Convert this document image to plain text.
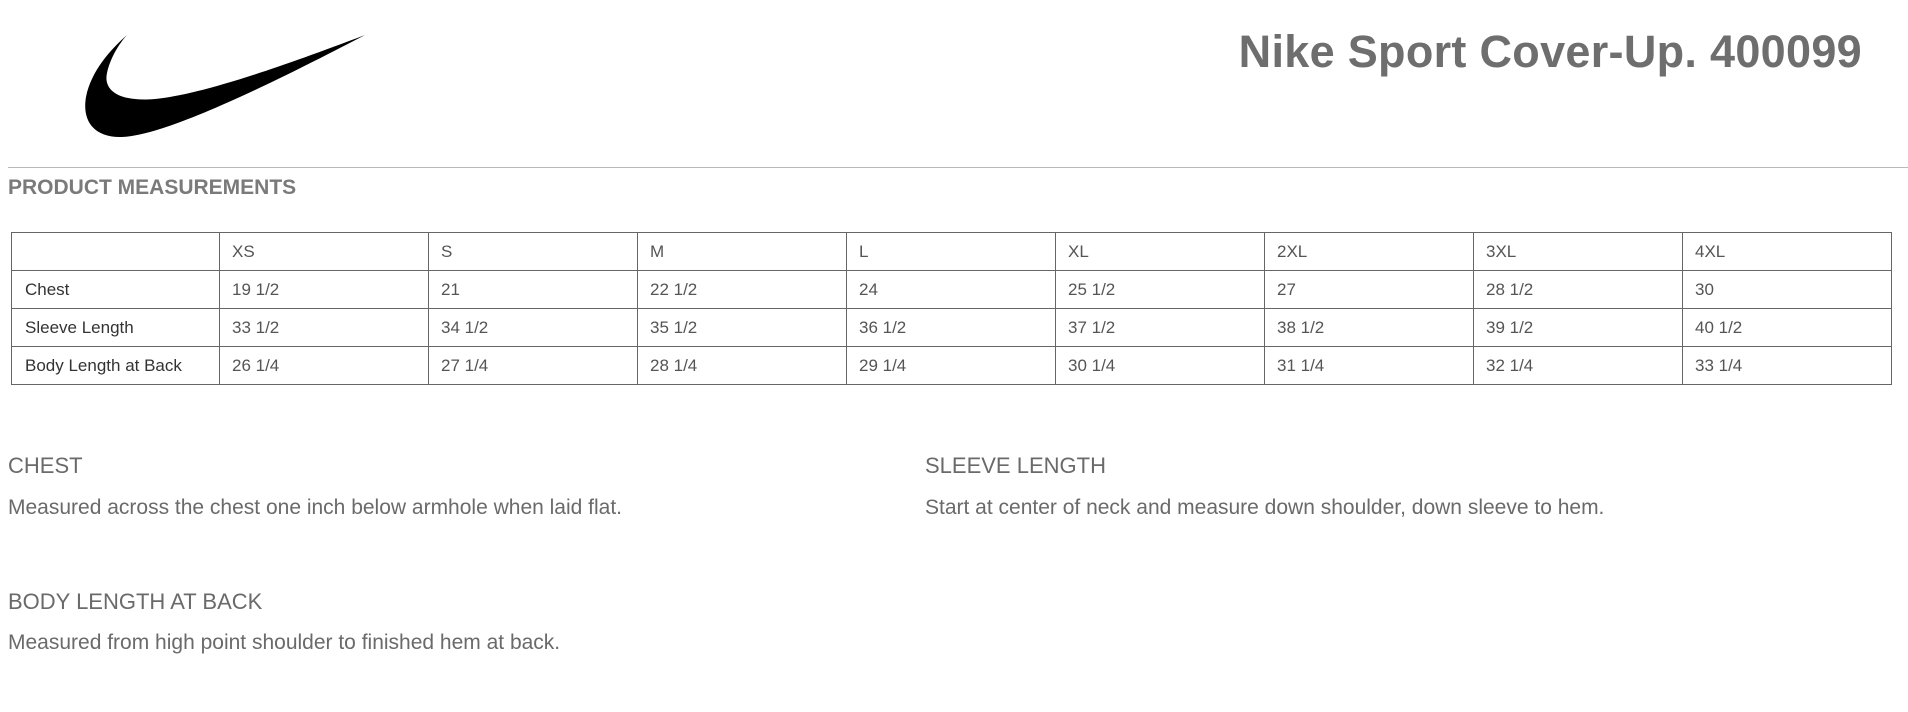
Nike Sport Cover-Up. 400099
PRODUCT MEASUREMENTS
	XS	S	M	L	XL	2XL	3XL	4XL
Chest	19 1/2	21	22 1/2	24	25 1/2	27	28 1/2	30
Sleeve Length	33 1/2	34 1/2	35 1/2	36 1/2	37 1/2	38 1/2	39 1/2	40 1/2
Body Length at Back	26 1/4	27 1/4	28 1/4	29 1/4	30 1/4	31 1/4	32 1/4	33 1/4
CHEST
Measured across the chest one inch below armhole when laid flat.
SLEEVE LENGTH
Start at center of neck and measure down shoulder, down sleeve to hem.
BODY LENGTH AT BACK
Measured from high point shoulder to finished hem at back.
